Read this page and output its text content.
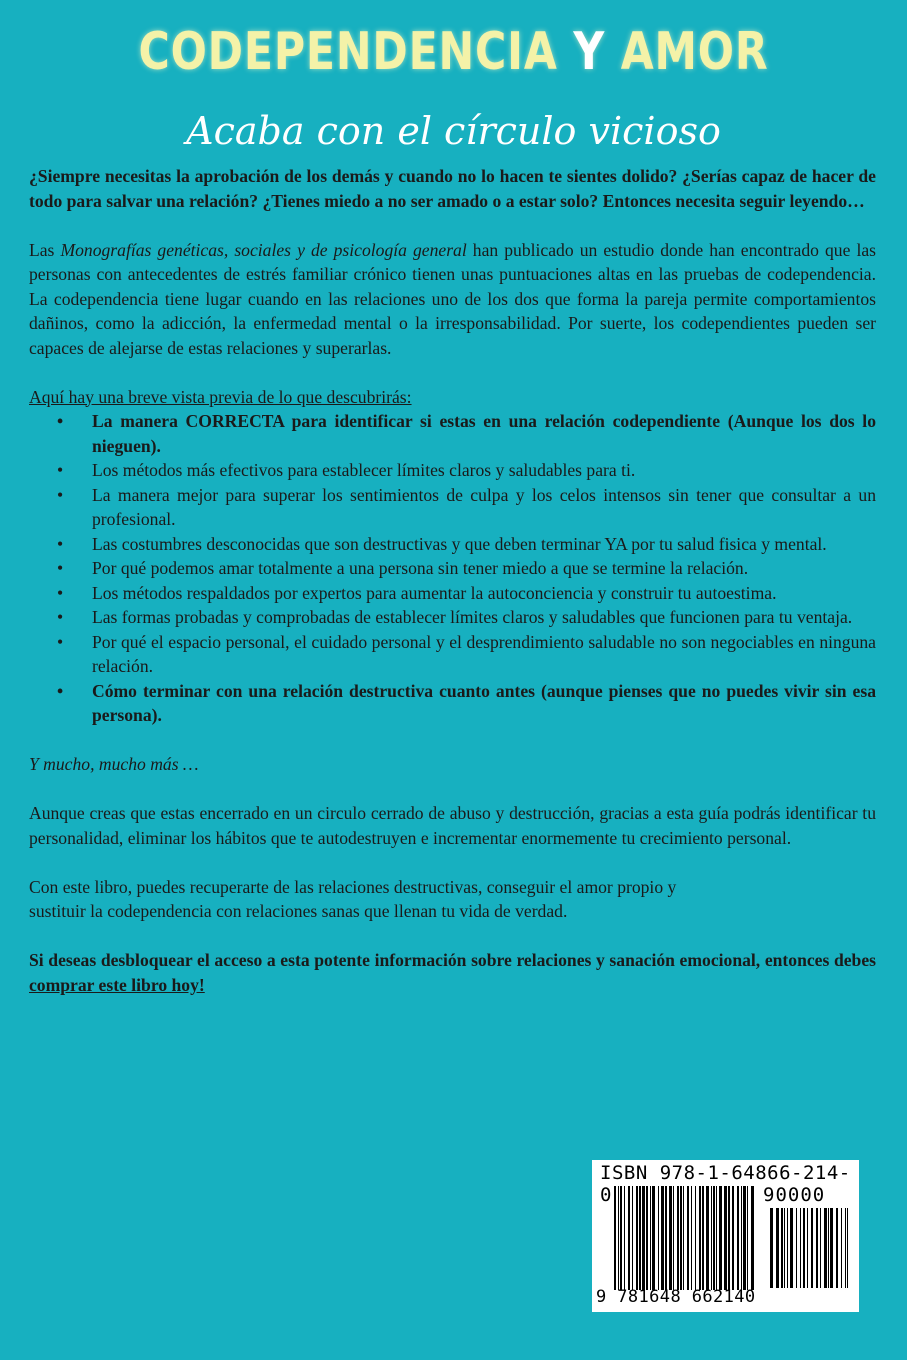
CODEPENDENCIA Y AMOR
Acaba con el círculo vicioso

¿Siempre necesitas la aprobación de los demás y cuando no lo hacen te sientes dolido? ¿Serías capaz de hacer de todo para salvar una relación? ¿Tienes miedo a no ser amado o a estar solo? Entonces necesita seguir leyendo…

Las Monografías genéticas, sociales y de psicología general han publicado un estudio donde han encontrado que las personas con antecedentes de estrés familiar crónico tienen unas puntuaciones altas en las pruebas de codependencia. La codependencia tiene lugar cuando en las relaciones uno de los dos que forma la pareja permite comportamientos dañinos, como la adicción, la enfermedad mental o la irresponsabilidad. Por suerte, los codependientes pueden ser capaces de alejarse de estas relaciones y superarlas.

Aquí hay una breve vista previa de lo que descubrirás:

• La manera CORRECTA para identificar si estas en una relación codependiente (Aunque los dos lo nieguen).
• Los métodos más efectivos para establecer límites claros y saludables para ti.
• La manera mejor para superar los sentimientos de culpa y los celos intensos sin tener que consultar a un profesional.
• Las costumbres desconocidas que son destructivas y que deben terminar YA por tu salud fisica y mental.
• Por qué podemos amar totalmente a una persona sin tener miedo a que se termine la relación.
• Los métodos respaldados por expertos para aumentar la autoconciencia y construir tu autoestima.
• Las formas probadas y comprobadas de establecer límites claros y saludables que funcionen para tu ventaja.
• Por qué el espacio personal, el cuidado personal y el desprendimiento saludable no son negociables en ninguna relación.
• Cómo terminar con una relación destructiva cuanto antes (aunque pienses que no puedes vivir sin esa persona).

Y mucho, mucho más …

Aunque creas que estas encerrado en un circulo cerrado de abuso y destrucción, gracias a esta guía podrás identificar tu personalidad, eliminar los hábitos que te autodestruyen e incrementar enormemente tu crecimiento personal.

Con este libro, puedes recuperarte de las relaciones destructivas, conseguir el amor propio y

sustituir la codependencia con relaciones sanas que llenan tu vida de verdad.

Si deseas desbloquear el acceso a esta potente información sobre relaciones y sanación emocional, entonces debes comprar este libro hoy!

ISBN 978-1-64866-214-0	90000
9 781648 662140
